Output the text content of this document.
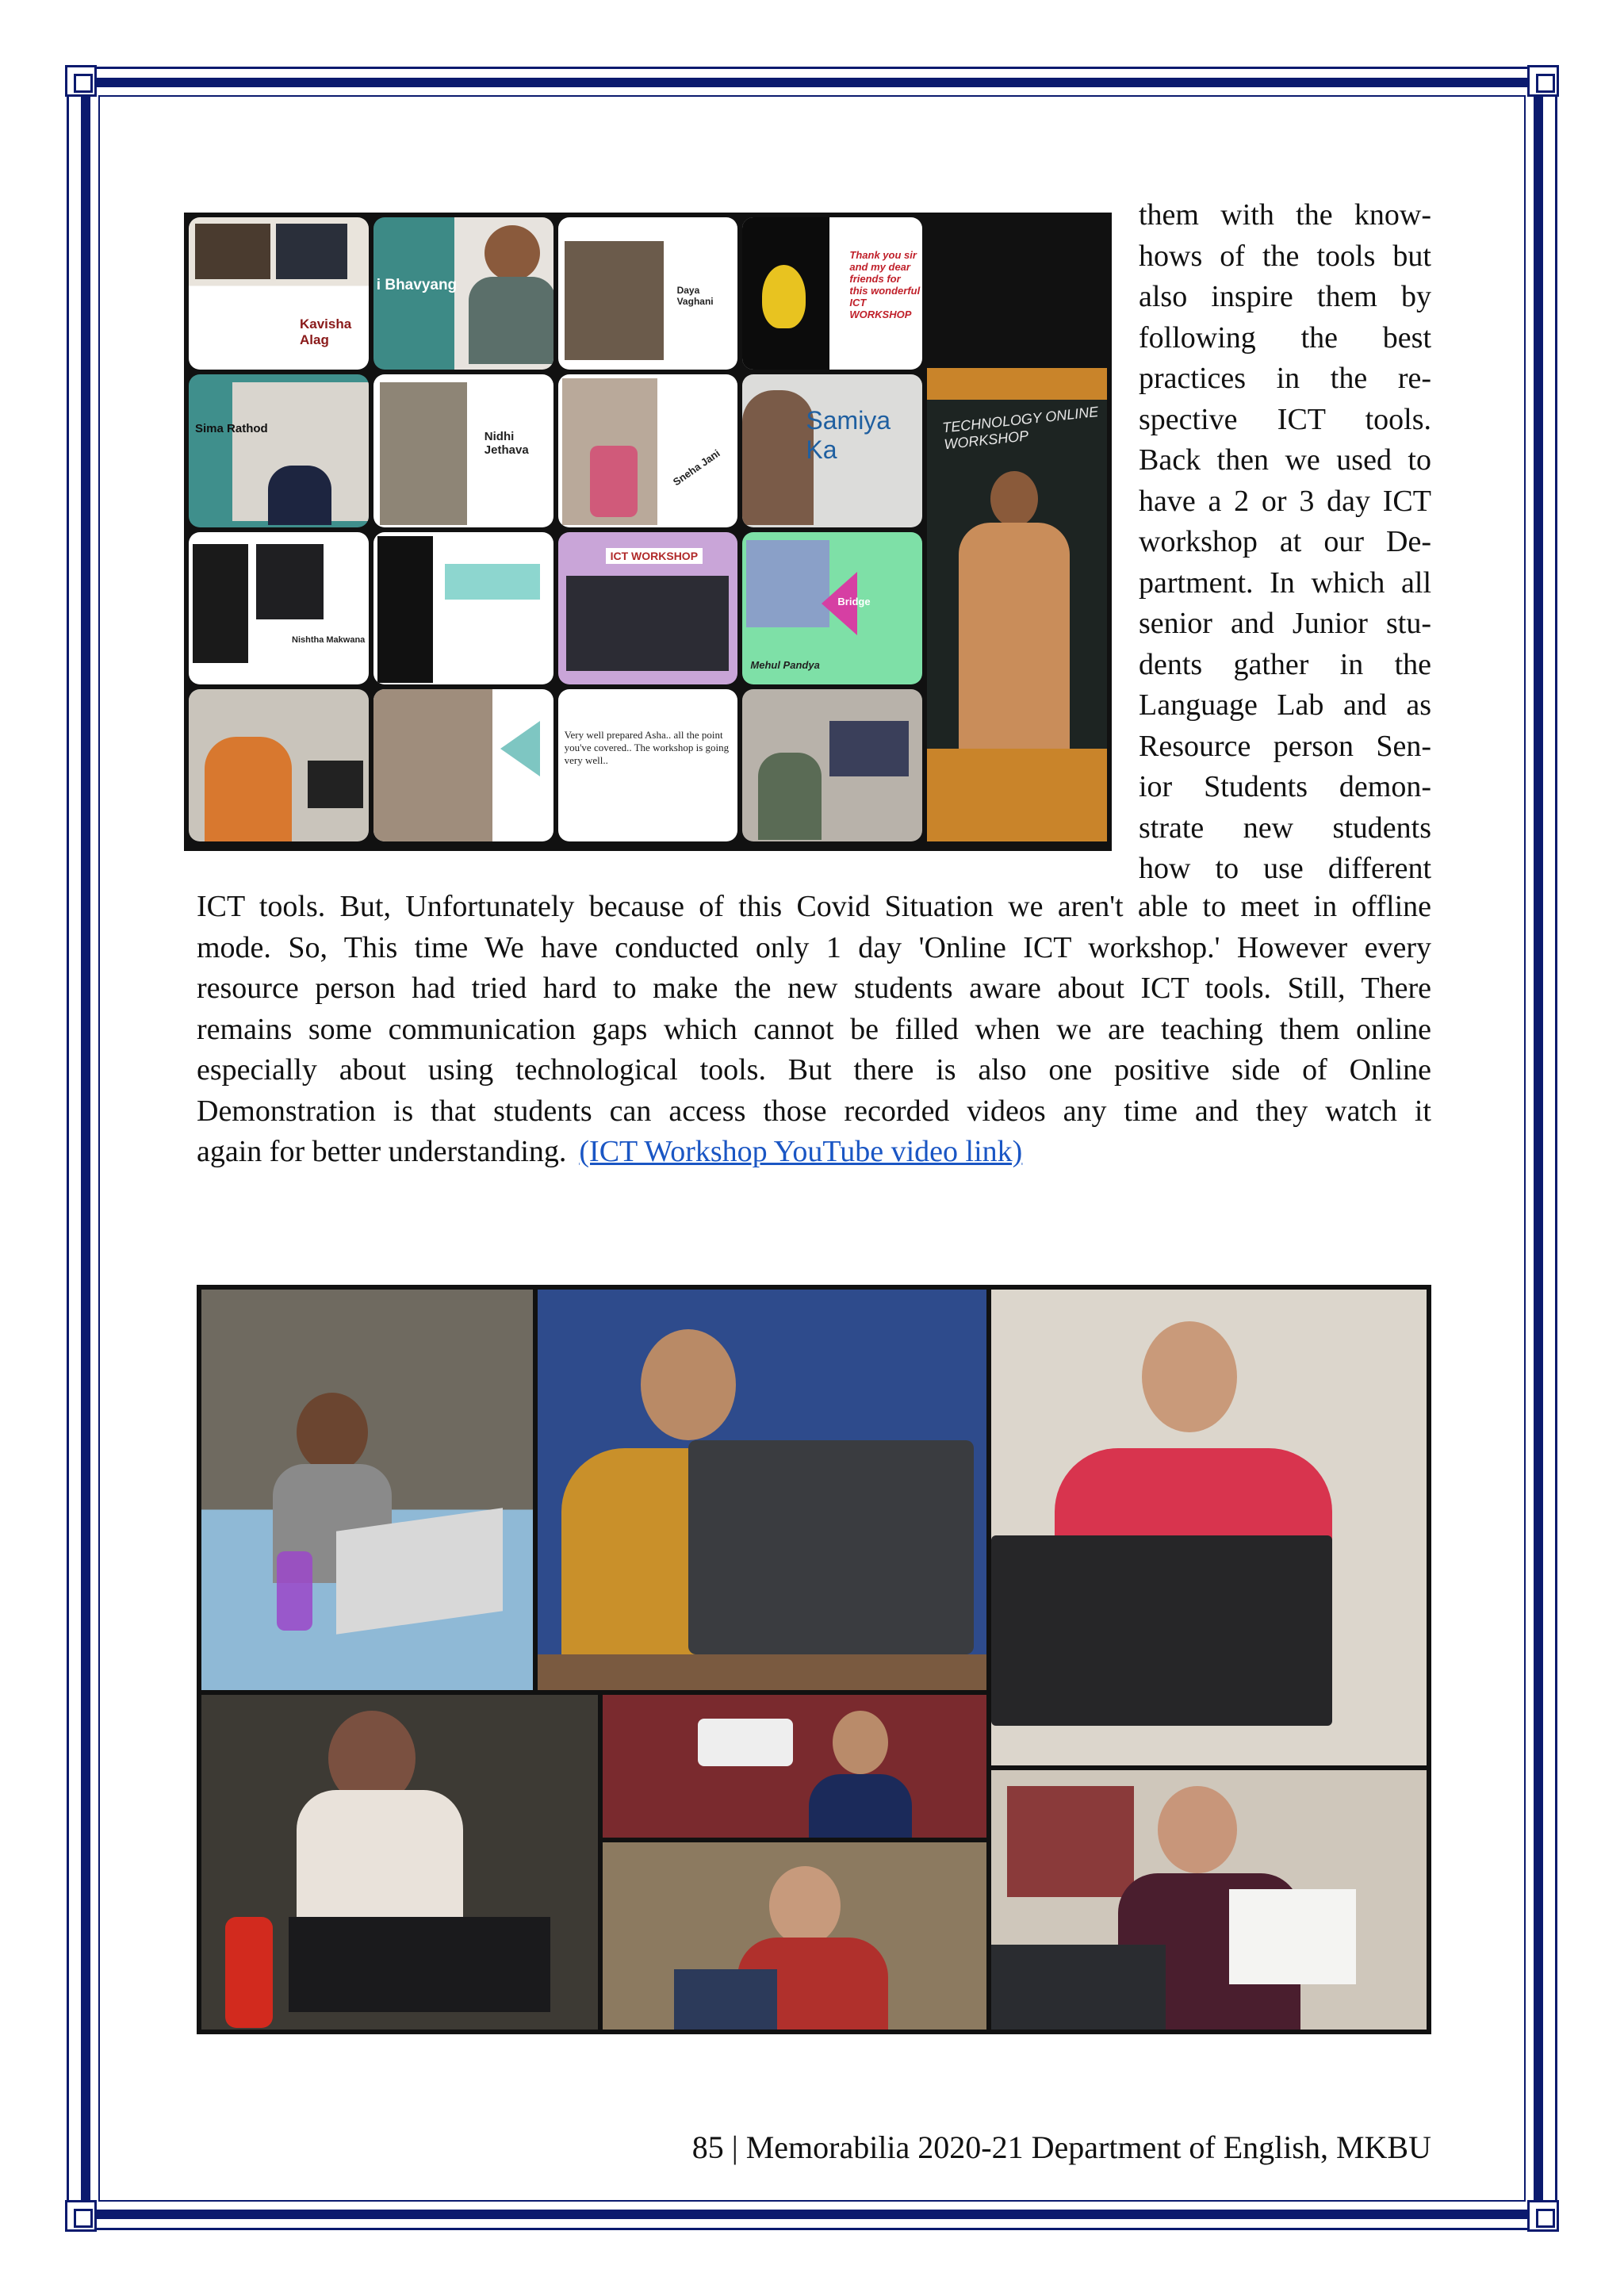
Kavisha Alag
i Bhavyang	Daya Vaghani
Thank you sir and my dear friends for this wonderful ICT WORKSHOP
Sima Rathod
Nidhi Jethava	Sneha Jani
Samiya Ka
Nishtha Makwana
TECHNOLOGY ONLINE WORKSHOP
ICT WORKSHOP
Bridge
Mehul Pandya
Very well prepared Asha.. all the point you've covered.. The workshop is going very well..
them with the know-
hows of the tools but
also inspire them by
following the best
practices in the re-
spective ICT tools.
Back then we used to
have a 2 or 3 day ICT
workshop at our De-
partment. In which all
senior and Junior stu-
dents gather in the
Language Lab and as
Resource person Sen-
ior Students demon-
strate new students
how to use different
ICT tools. But, Unfortunately because of this Covid Situation we aren't able to meet in offline
mode. So, This time We have conducted only 1 day 'Online ICT workshop.' However every
resource person had tried hard to make the new students aware about ICT tools. Still, There
remains some communication gaps which cannot be filled when we are teaching them online
especially about using technological tools. But there is also one positive side of Online
Demonstration is that students can access those recorded videos any time and they watch it
again for better understanding. (ICT Workshop YouTube video link)
85 | Memorabilia 2020-21 Department of English, MKBU
